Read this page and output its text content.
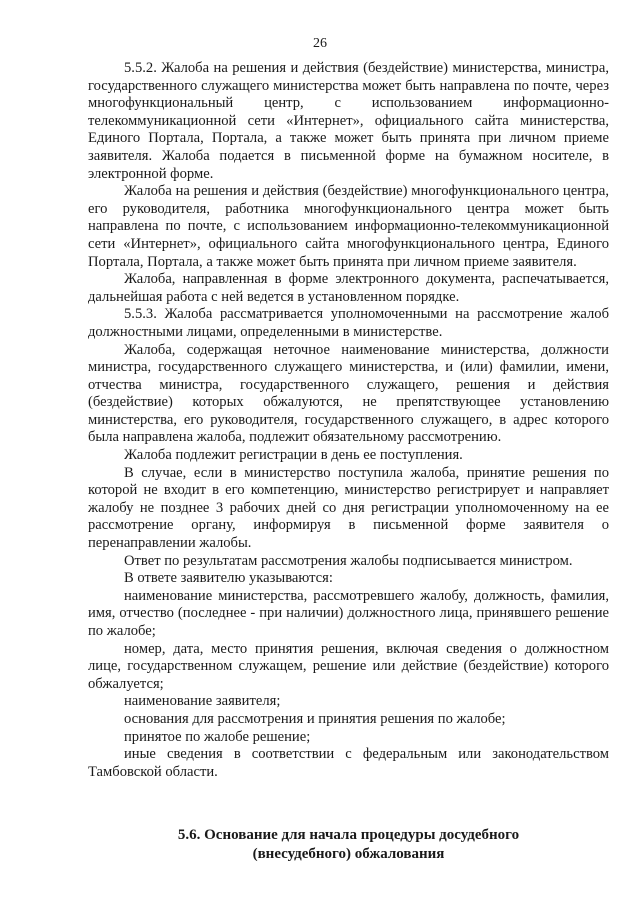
26

5.5.2. Жалоба на решения и действия (бездействие) министерства, министра, государственного служащего министерства может быть направлена по почте, через многофункциональный центр, с использованием информационно-телекоммуникационной сети «Интернет», официального сайта министерства, Единого Портала, Портала, а также может быть принята при личном приеме заявителя. Жалоба подается в письменной форме на бумажном носителе, в электронной форме.

Жалоба на решения и действия (бездействие) многофункционального центра, его руководителя, работника многофункционального центра может быть направлена по почте, с использованием информационно-телекоммуникационной сети «Интернет», официального сайта многофункционального центра, Единого Портала, Портала, а также может быть принята при личном приеме заявителя.

Жалоба, направленная в форме электронного документа, распечатывается, дальнейшая работа с ней ведется в установленном порядке.

5.5.3. Жалоба рассматривается уполномоченными на рассмотрение жалоб должностными лицами, определенными в министерстве.

Жалоба, содержащая неточное наименование министерства, должности министра, государственного служащего министерства, и (или) фамилии, имени, отчества министра, государственного служащего, решения и действия (бездействие) которых обжалуются, не препятствующее установлению министерства, его руководителя, государственного служащего, в адрес которого была направлена жалоба, подлежит обязательному рассмотрению.

Жалоба подлежит регистрации в день ее поступления.

В случае, если в министерство поступила жалоба, принятие решения по которой не входит в его компетенцию, министерство регистрирует и направляет жалобу не позднее 3 рабочих дней со дня регистрации уполномоченному на ее рассмотрение органу, информируя в письменной форме заявителя о перенаправлении жалобы.

Ответ по результатам рассмотрения жалобы подписывается министром.

В ответе заявителю указываются:

наименование министерства, рассмотревшего жалобу, должность, фамилия, имя, отчество (последнее - при наличии) должностного лица, принявшего решение по жалобе;

номер, дата, место принятия решения, включая сведения о должностном лице, государственном служащем, решение или действие (бездействие) которого обжалуется;

наименование заявителя;

основания для рассмотрения и принятия решения по жалобе;

принятое по жалобе решение;

иные сведения в соответствии с федеральным или законодательством Тамбовской области.

5.6. Основание для начала процедуры досудебного
(внесудебного) обжалования
